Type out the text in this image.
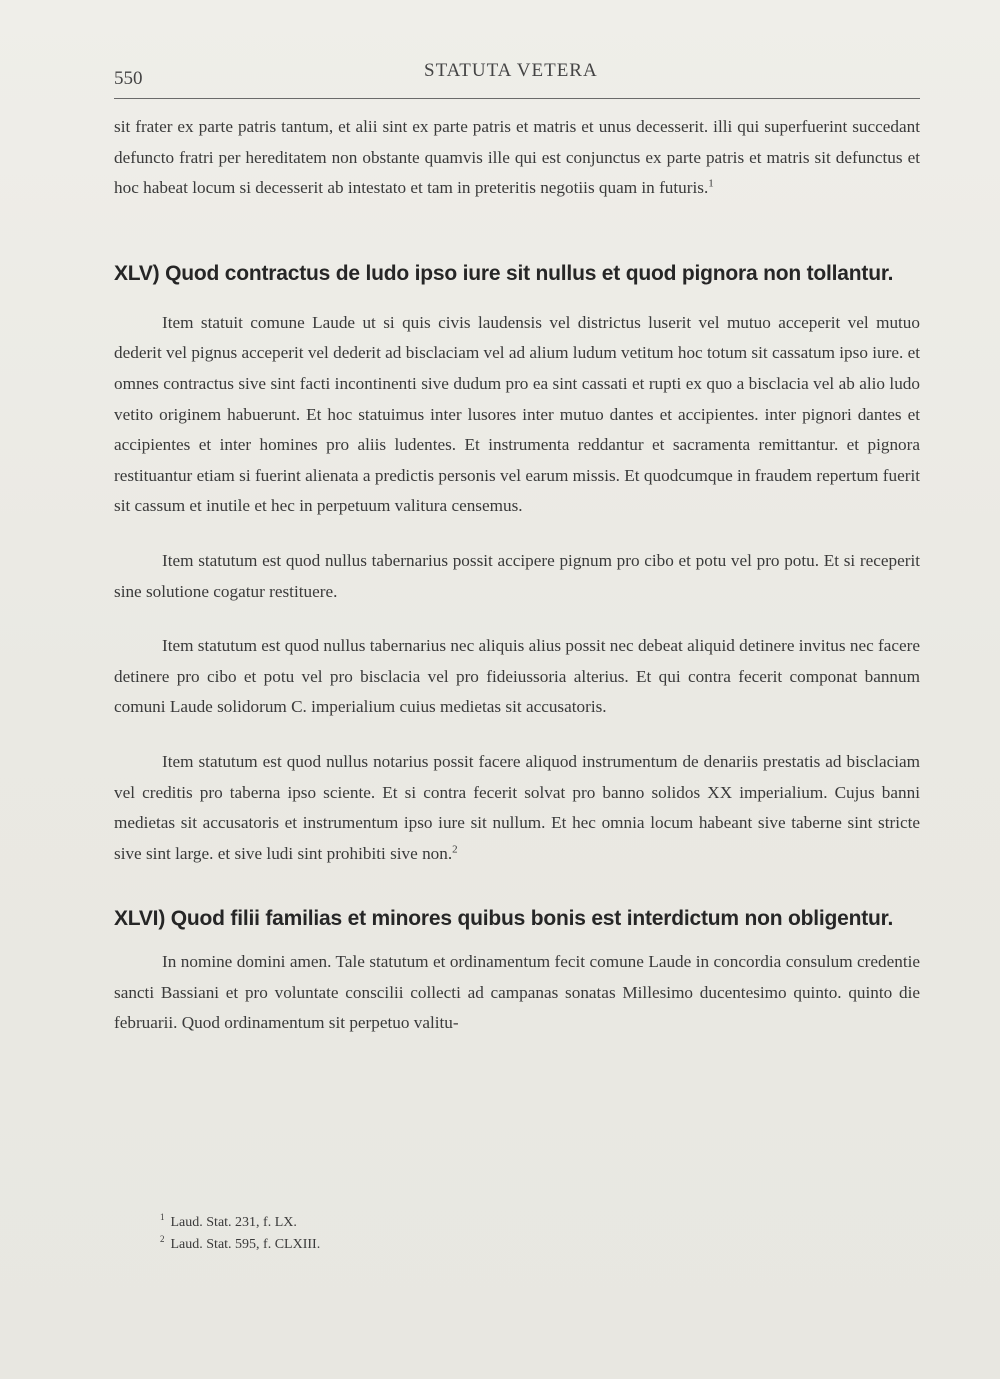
550	STATUTA VETERA

sit frater ex parte patris tantum, et alii sint ex parte patris et matris et unus decesserit. illi qui superfuerint succedant defuncto fratri per hereditatem non obstante quamvis ille qui est conjunctus ex parte patris et matris sit defunctus et hoc habeat locum si decesserit ab intestato et tam in preteritis negotiis quam in futuris.$^1$

XLV) Quod contractus de ludo ipso iure sit nullus et quod pignora non tollantur.

Item statuit comune Laude ut si quis civis laudensis vel districtus luserit vel mutuo acceperit vel mutuo dederit vel pignus acceperit vel dederit ad bisclaciam vel ad alium ludum vetitum hoc totum sit cassatum ipso iure. et omnes contractus sive sint facti incontinenti sive dudum pro ea sint cassati et rupti ex quo a bisclacia vel ab alio ludo vetito originem habuerunt. Et hoc statuimus inter lusores inter mutuo dantes et accipientes. inter pignori dantes et accipientes et inter homines pro aliis ludentes. Et instrumenta reddantur et sacramenta remittantur. et pignora restituantur etiam si fuerint alienata a predictis personis vel earum missis. Et quodcumque in fraudem repertum fuerit sit cassum et inutile et hec in perpetuum valitura censemus.

Item statutum est quod nullus tabernarius possit accipere pignum pro cibo et potu vel pro potu. Et si receperit sine solutione cogatur restituere.

Item statutum est quod nullus tabernarius nec aliquis alius possit nec debeat aliquid detinere invitus nec facere detinere pro cibo et potu vel pro bisclacia vel pro fideiussoria alterius. Et qui contra fecerit componat bannum comuni Laude solidorum C. imperialium cuius medietas sit accusatoris.

Item statutum est quod nullus notarius possit facere aliquod instrumentum de denariis prestatis ad bisclaciam vel creditis pro taberna ipso sciente. Et si contra fecerit solvat pro banno solidos XX imperialium. Cujus banni medietas sit accusatoris et instrumentum ipso iure sit nullum. Et hec omnia locum habeant sive taberne sint stricte sive sint large. et sive ludi sint prohibiti sive non.$^2$

XLVI) Quod filii familias et minores quibus bonis est interdictum non obligentur.

In nomine domini amen. Tale statutum et ordinamentum fecit comune Laude in concordia consulum credentie sancti Bassiani et pro voluntate conscilii collecti ad campanas sonatas Millesimo ducentesimo quinto. quinto die februarii. Quod ordinamentum sit perpetuo valitu-

$^1$ Laud. Stat. 231, f. LX.
$^2$ Laud. Stat. 595, f. CLXIII.
